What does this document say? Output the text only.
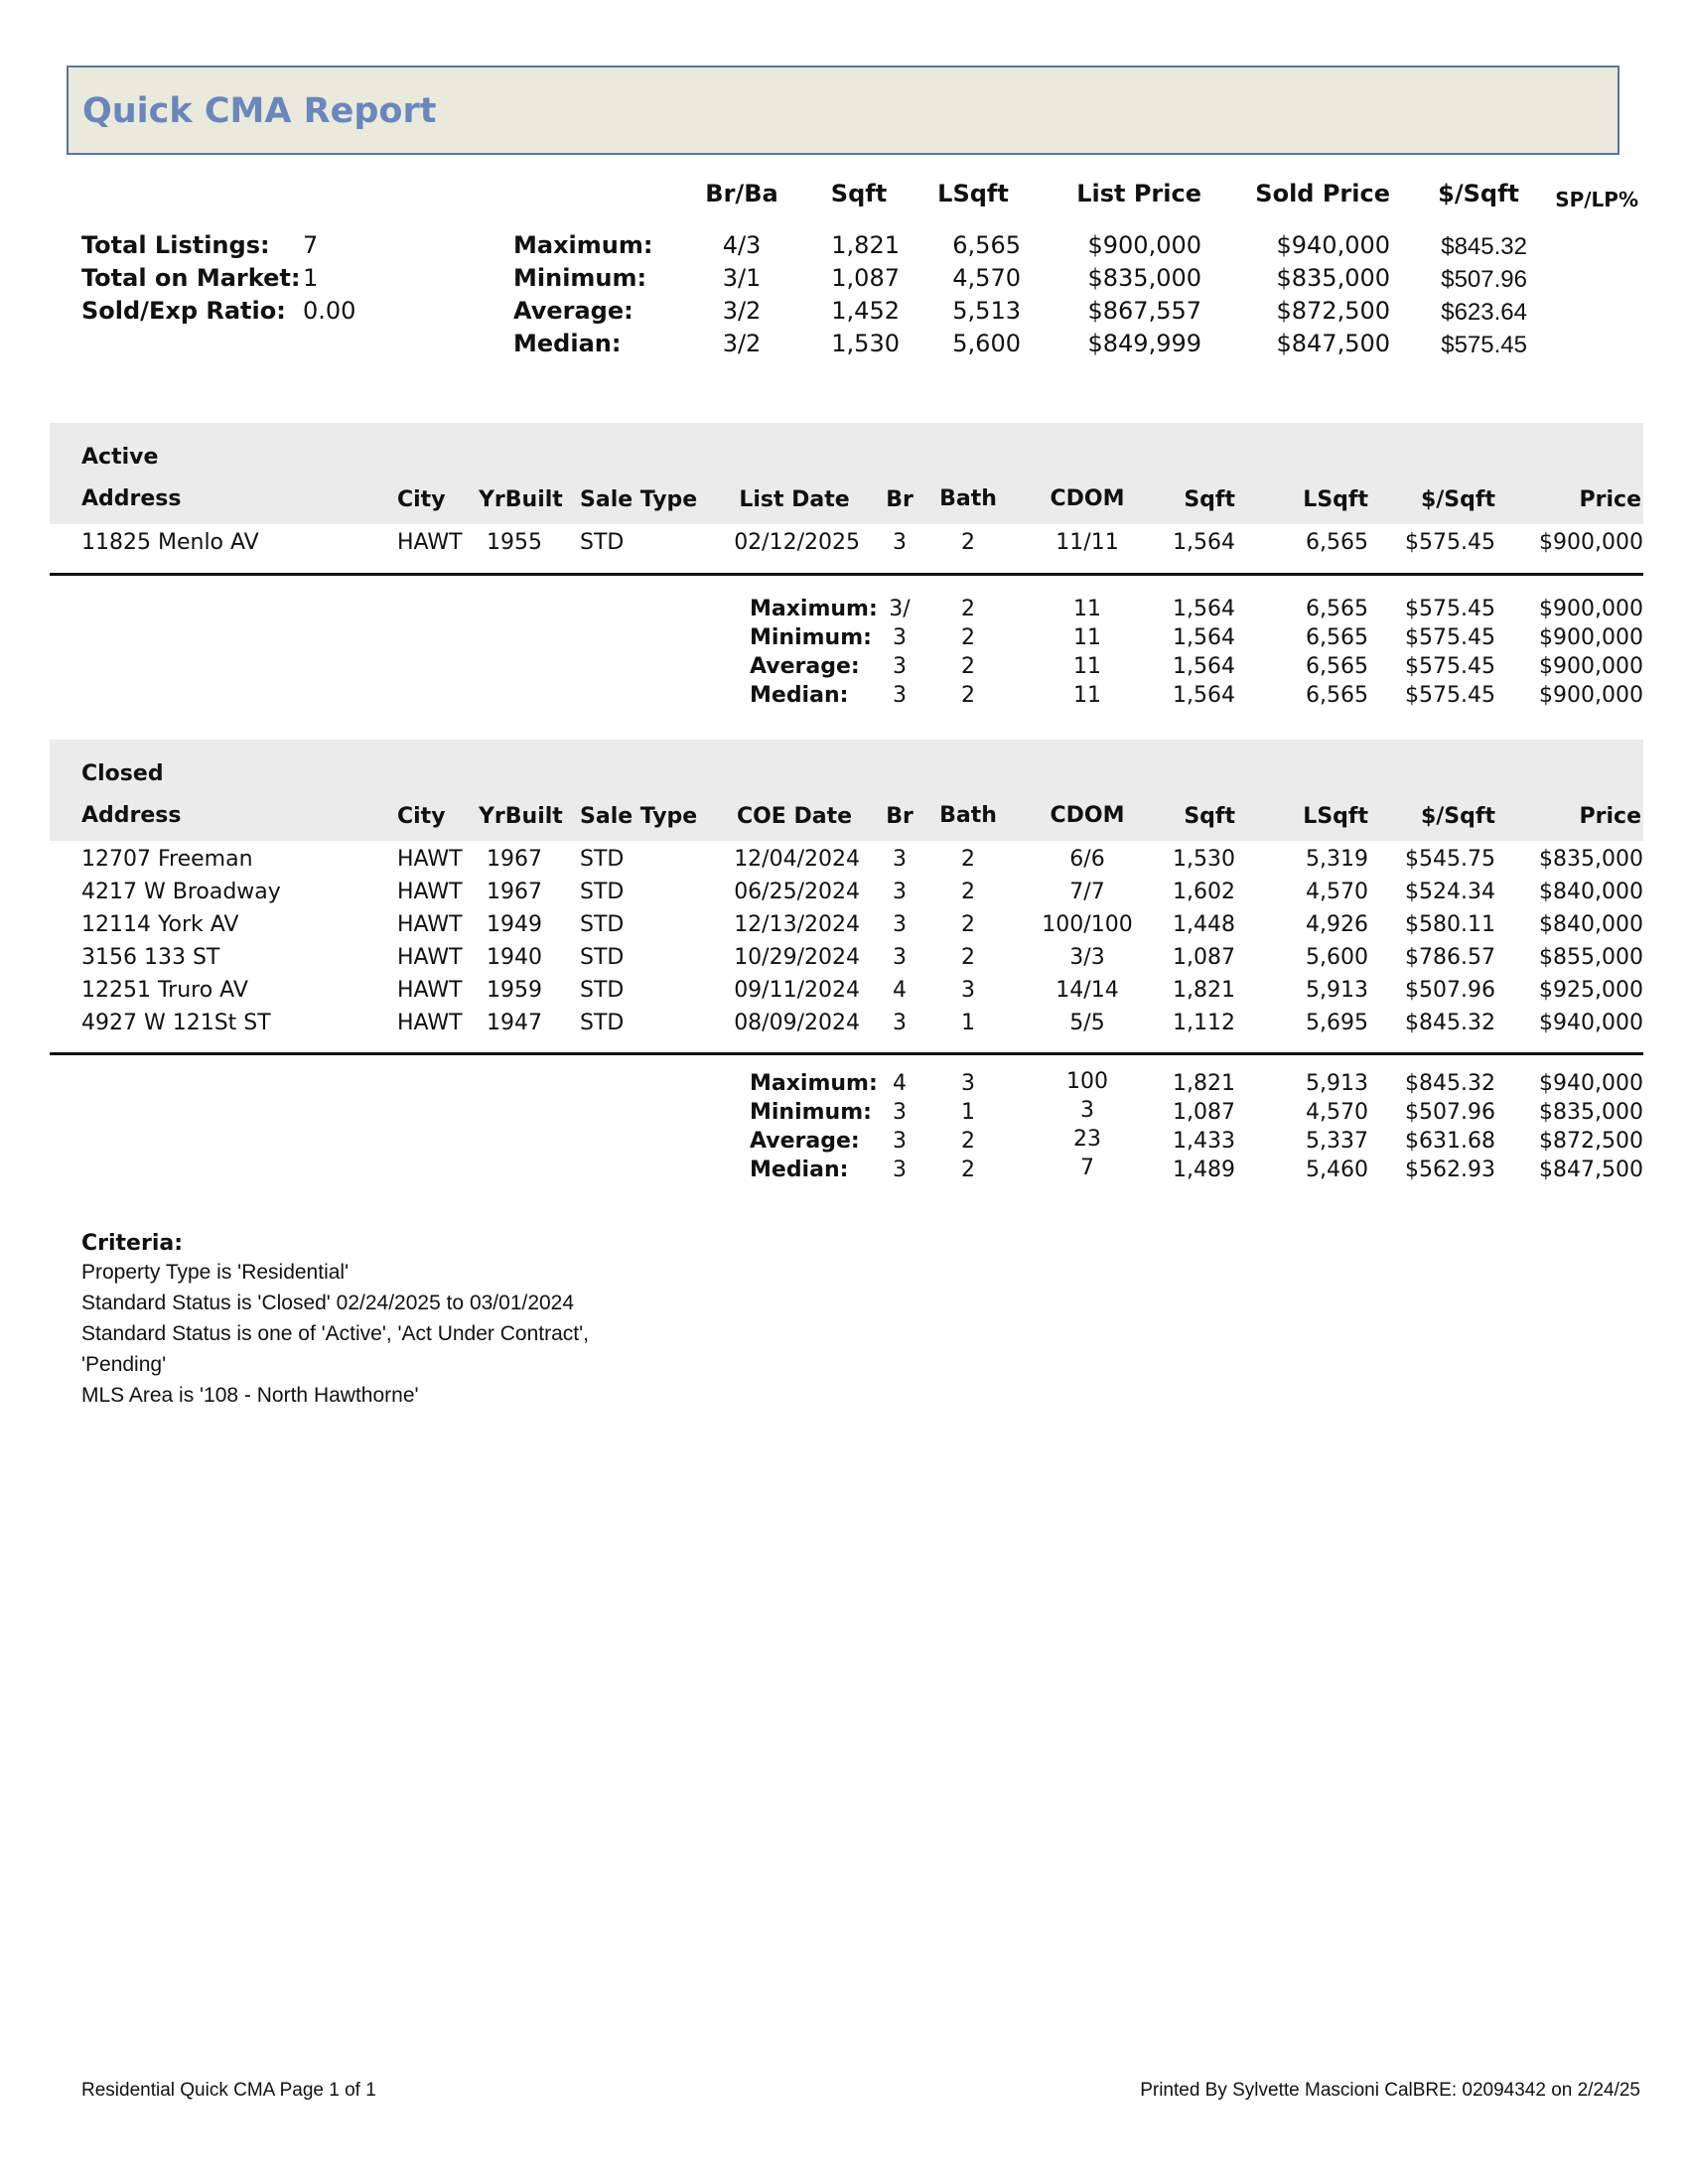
Quick CMA Report
Br/Ba	Sqft	LSqft	List Price	Sold Price	$/Sqft	SP/LP%
Total Listings: 7
Total on Market: 1
Sold/Exp Ratio: 0.00
Maximum:	4/3	1,821	6,565	$900,000	$940,000	$845.32
Minimum:	3/1	1,087	4,570	$835,000	$835,000	$507.96
Average:	3/2	1,452	5,513	$867,557	$872,500	$623.64
Median:	3/2	1,530	5,600	$849,999	$847,500	$575.45
Active
Address	City YrBuilt Sale Type	List Date	Br Bath	CDOM	Sqft	LSqft	$/Sqft	Price
11825 Menlo AV	HAWT	1955	STD	02/12/2025	3	2	11/11	1,564	6,565	$575.45	$900,000
Maximum: 3/	2	11	1,564	6,565	$575.45	$900,000
Minimum: 3	2	11	1,564	6,565	$575.45	$900,000
Average:	3	2	11	1,564	6,565	$575.45	$900,000
Median:	3	2	11	1,564	6,565	$575.45	$900,000
Closed
Address	City YrBuilt Sale Type	COE Date	Br Bath	CDOM	Sqft	LSqft	$/Sqft	Price
12707 Freeman	HAWT	1967	STD	12/04/2024	3	2	6/6	1,530	5,319	$545.75	$835,000
4217 W Broadway	HAWT	1967	STD	06/25/2024	3	2	7/7	1,602	4,570	$524.34	$840,000
12114 York AV	HAWT	1949	STD	12/13/2024	3	2	100/100	1,448	4,926	$580.11	$840,000
3156 133 ST	HAWT	1940	STD	10/29/2024	3	2	3/3	1,087	5,600	$786.57	$855,000
12251 Truro AV	HAWT	1959	STD	09/11/2024	4	3	14/14	1,821	5,913	$507.96	$925,000
4927 W 121St ST	HAWT	1947	STD	08/09/2024	3	1	5/5	1,112	5,695	$845.32	$940,000
Maximum: 4	3	100	1,821	5,913	$845.32	$940,000
Minimum: 3	1	3	1,087	4,570	$507.96	$835,000
Average:	3	2	23	1,433	5,337	$631.68	$872,500
Median:	3	2	7	1,489	5,460	$562.93	$847,500
Criteria:
Property Type is 'Residential'
Standard Status is 'Closed' 02/24/2025 to 03/01/2024
Standard Status is one of 'Active', 'Act Under Contract',
'Pending'
MLS Area is '108 - North Hawthorne'
Residential Quick CMA Page 1 of 1	Printed By Sylvette Mascioni CalBRE: 02094342 on 2/24/25
